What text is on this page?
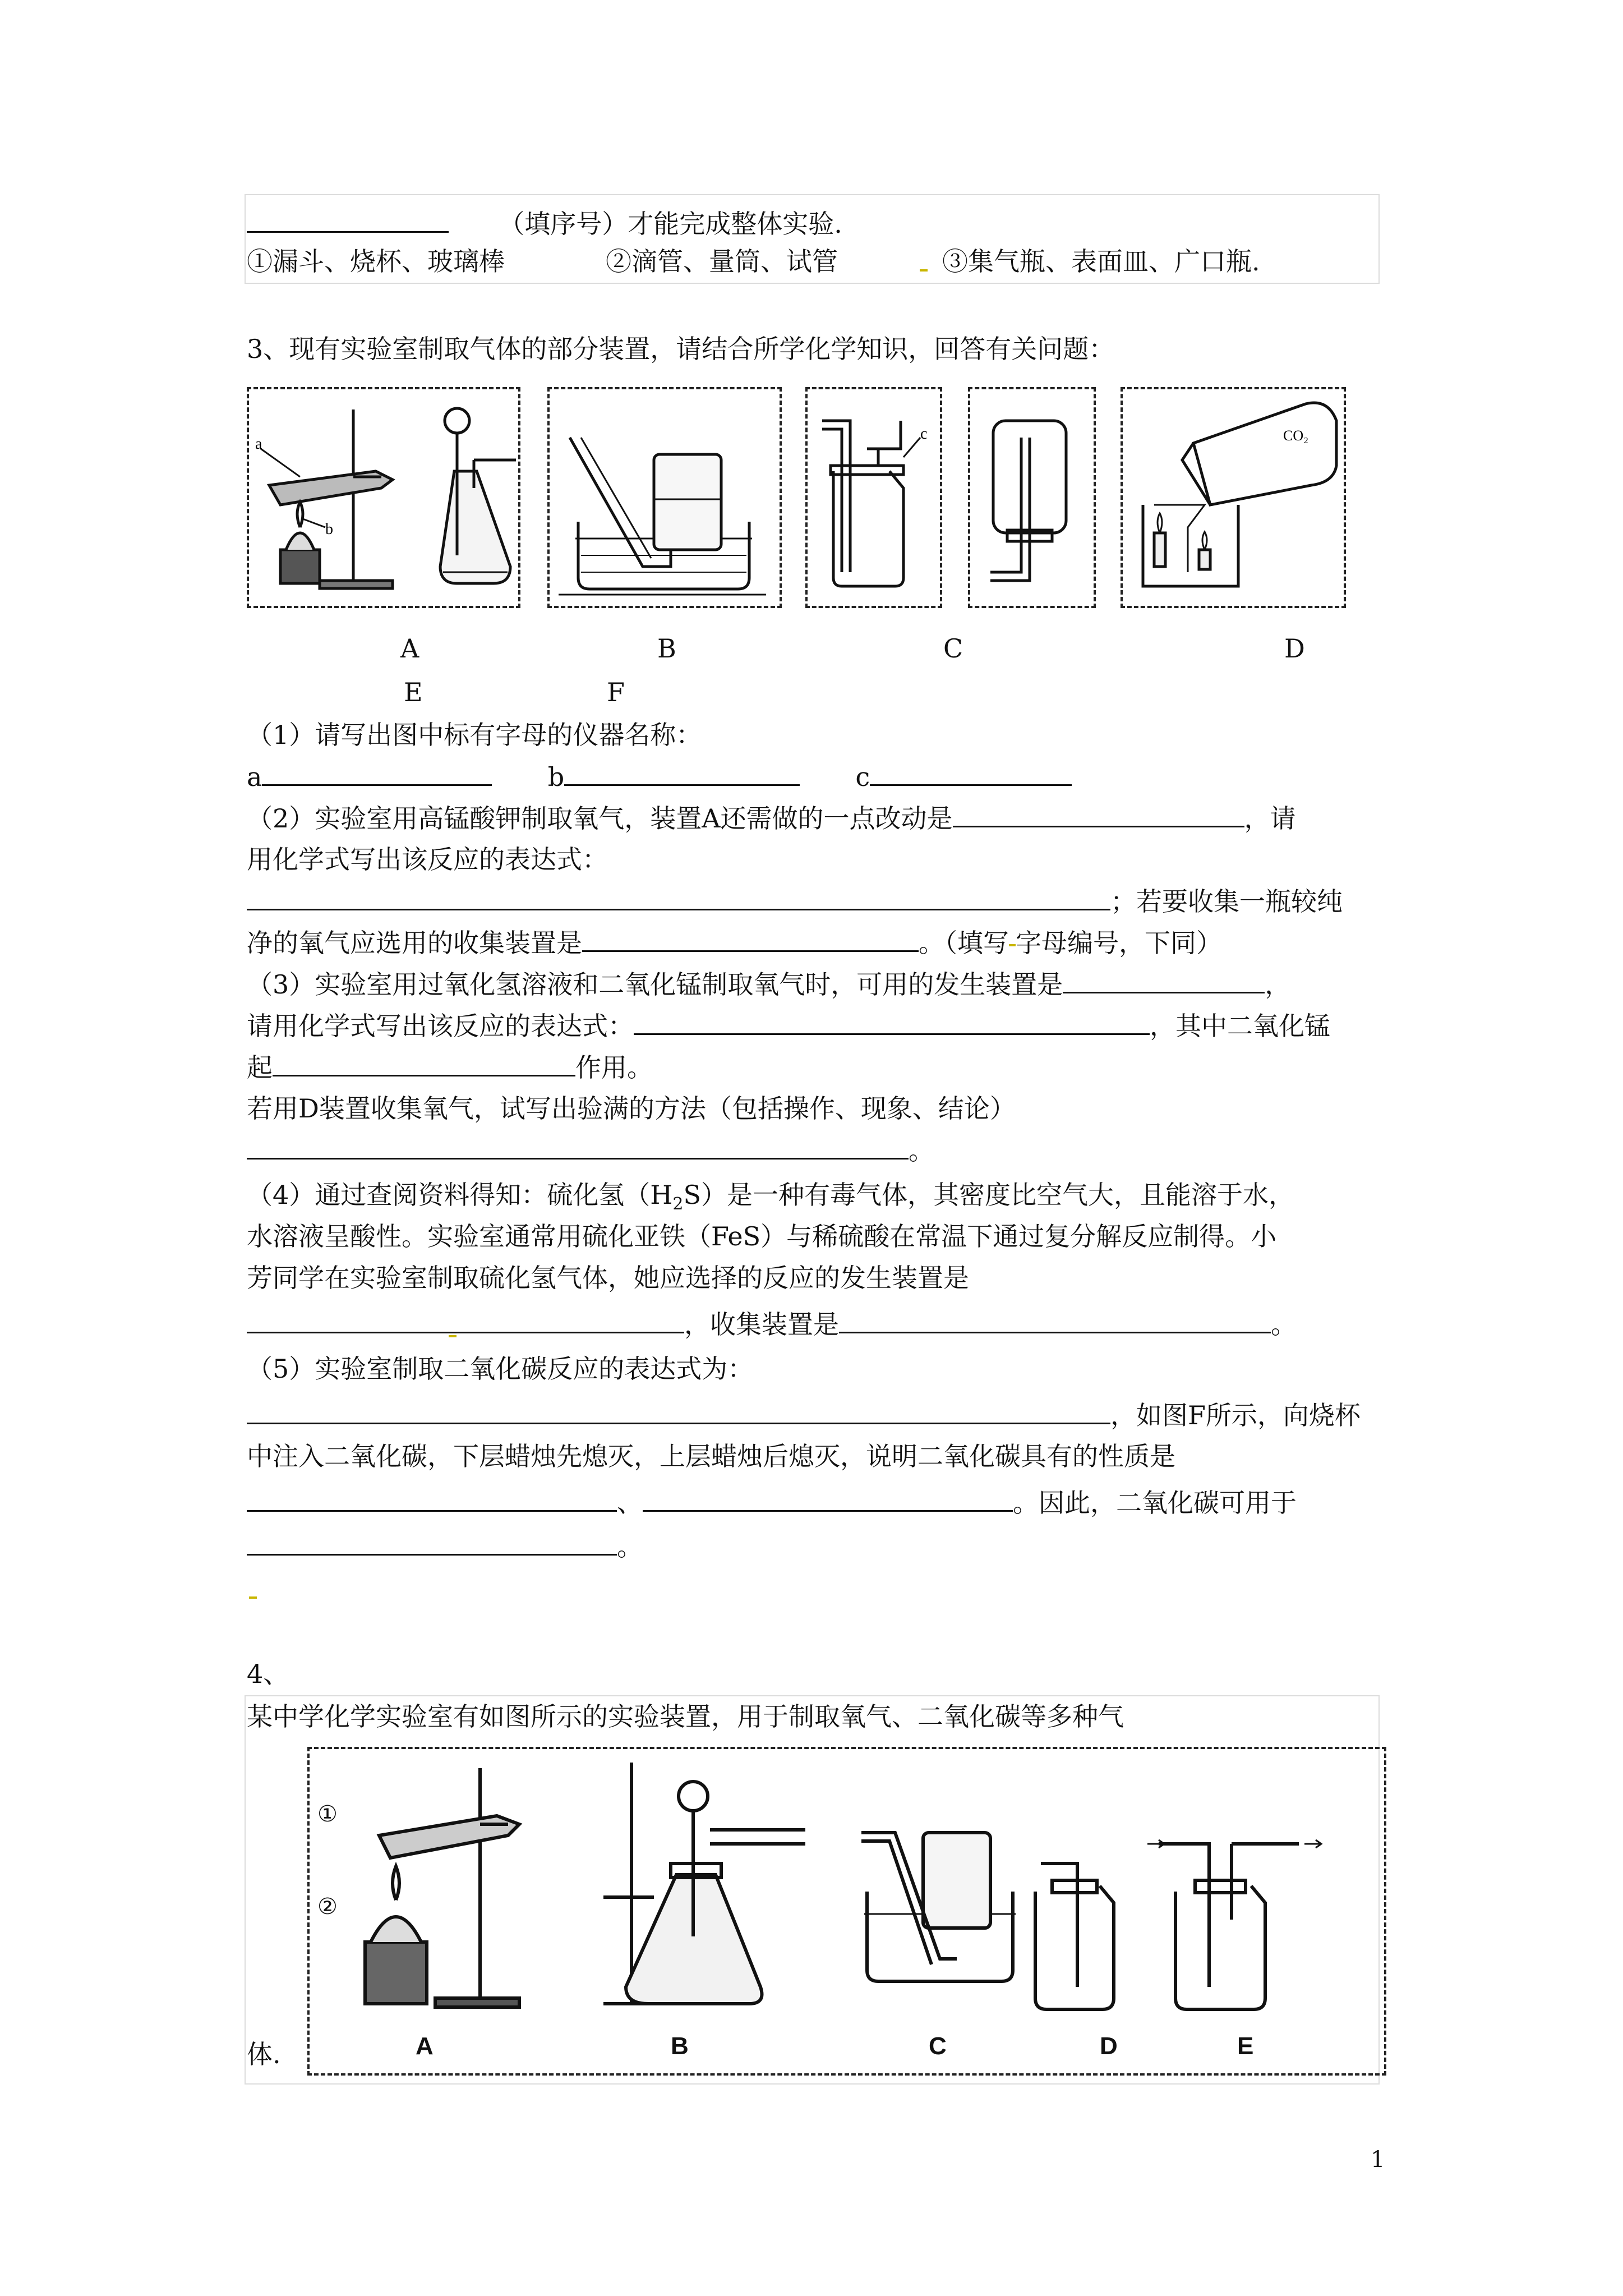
（填序号）才能完成整体实验.
①漏斗、烧杯、玻璃棒	②滴管、量筒、试管	③集气瓶、表面皿、广口瓶.
3、现有实验室制取气体的部分装置，请结合所学化学知识，回答有关问题：
a
b
c	CO₂
A	B	C	D
E	F
（1）请写出图中标有字母的仪器名称：
a	b	c
（2）实验室用高锰酸钾制取氧气，装置A还需做的一点改动是	，请
用化学式写出该反应的表达式：
；若要收集一瓶较纯
净的氧气应选用的收集装置是	。（填写 字母编号，下同）
（3）实验室用过氧化氢溶液和二氧化锰制取氧气时，可用的发生装置是	，
请用化学式写出该反应的表达式：	，其中二氧化锰
起	作用。
若用D装置收集氧气，试写出验满的方法（包括操作、现象、结论）
。
（4）通过查阅资料得知：硫化氢$(H_2S)$是一种有毒气体，其密度比空气大，且能溶于水，
水溶液呈酸性。实验室通常用硫化亚铁（FeS）与稀硫酸在常温下通过复分解反应制得。小
芳同学在实验室制取硫化氢气体，她应选择的反应的发生装置是
，收集装置是	。
（5）实验室制取二氧化碳反应的表达式为：
，如图F所示，向烧杯
中注入二氧化碳，下层蜡烛先熄灭，上层蜡烛后熄灭，说明二氧化碳具有的性质是
、	。因此，二氧化碳可用于
。
4、
某中学化学实验室有如图所示的实验装置，用于制取氧气、二氧化碳等多种气
体.	A	B	C	D	E
①
②
1
